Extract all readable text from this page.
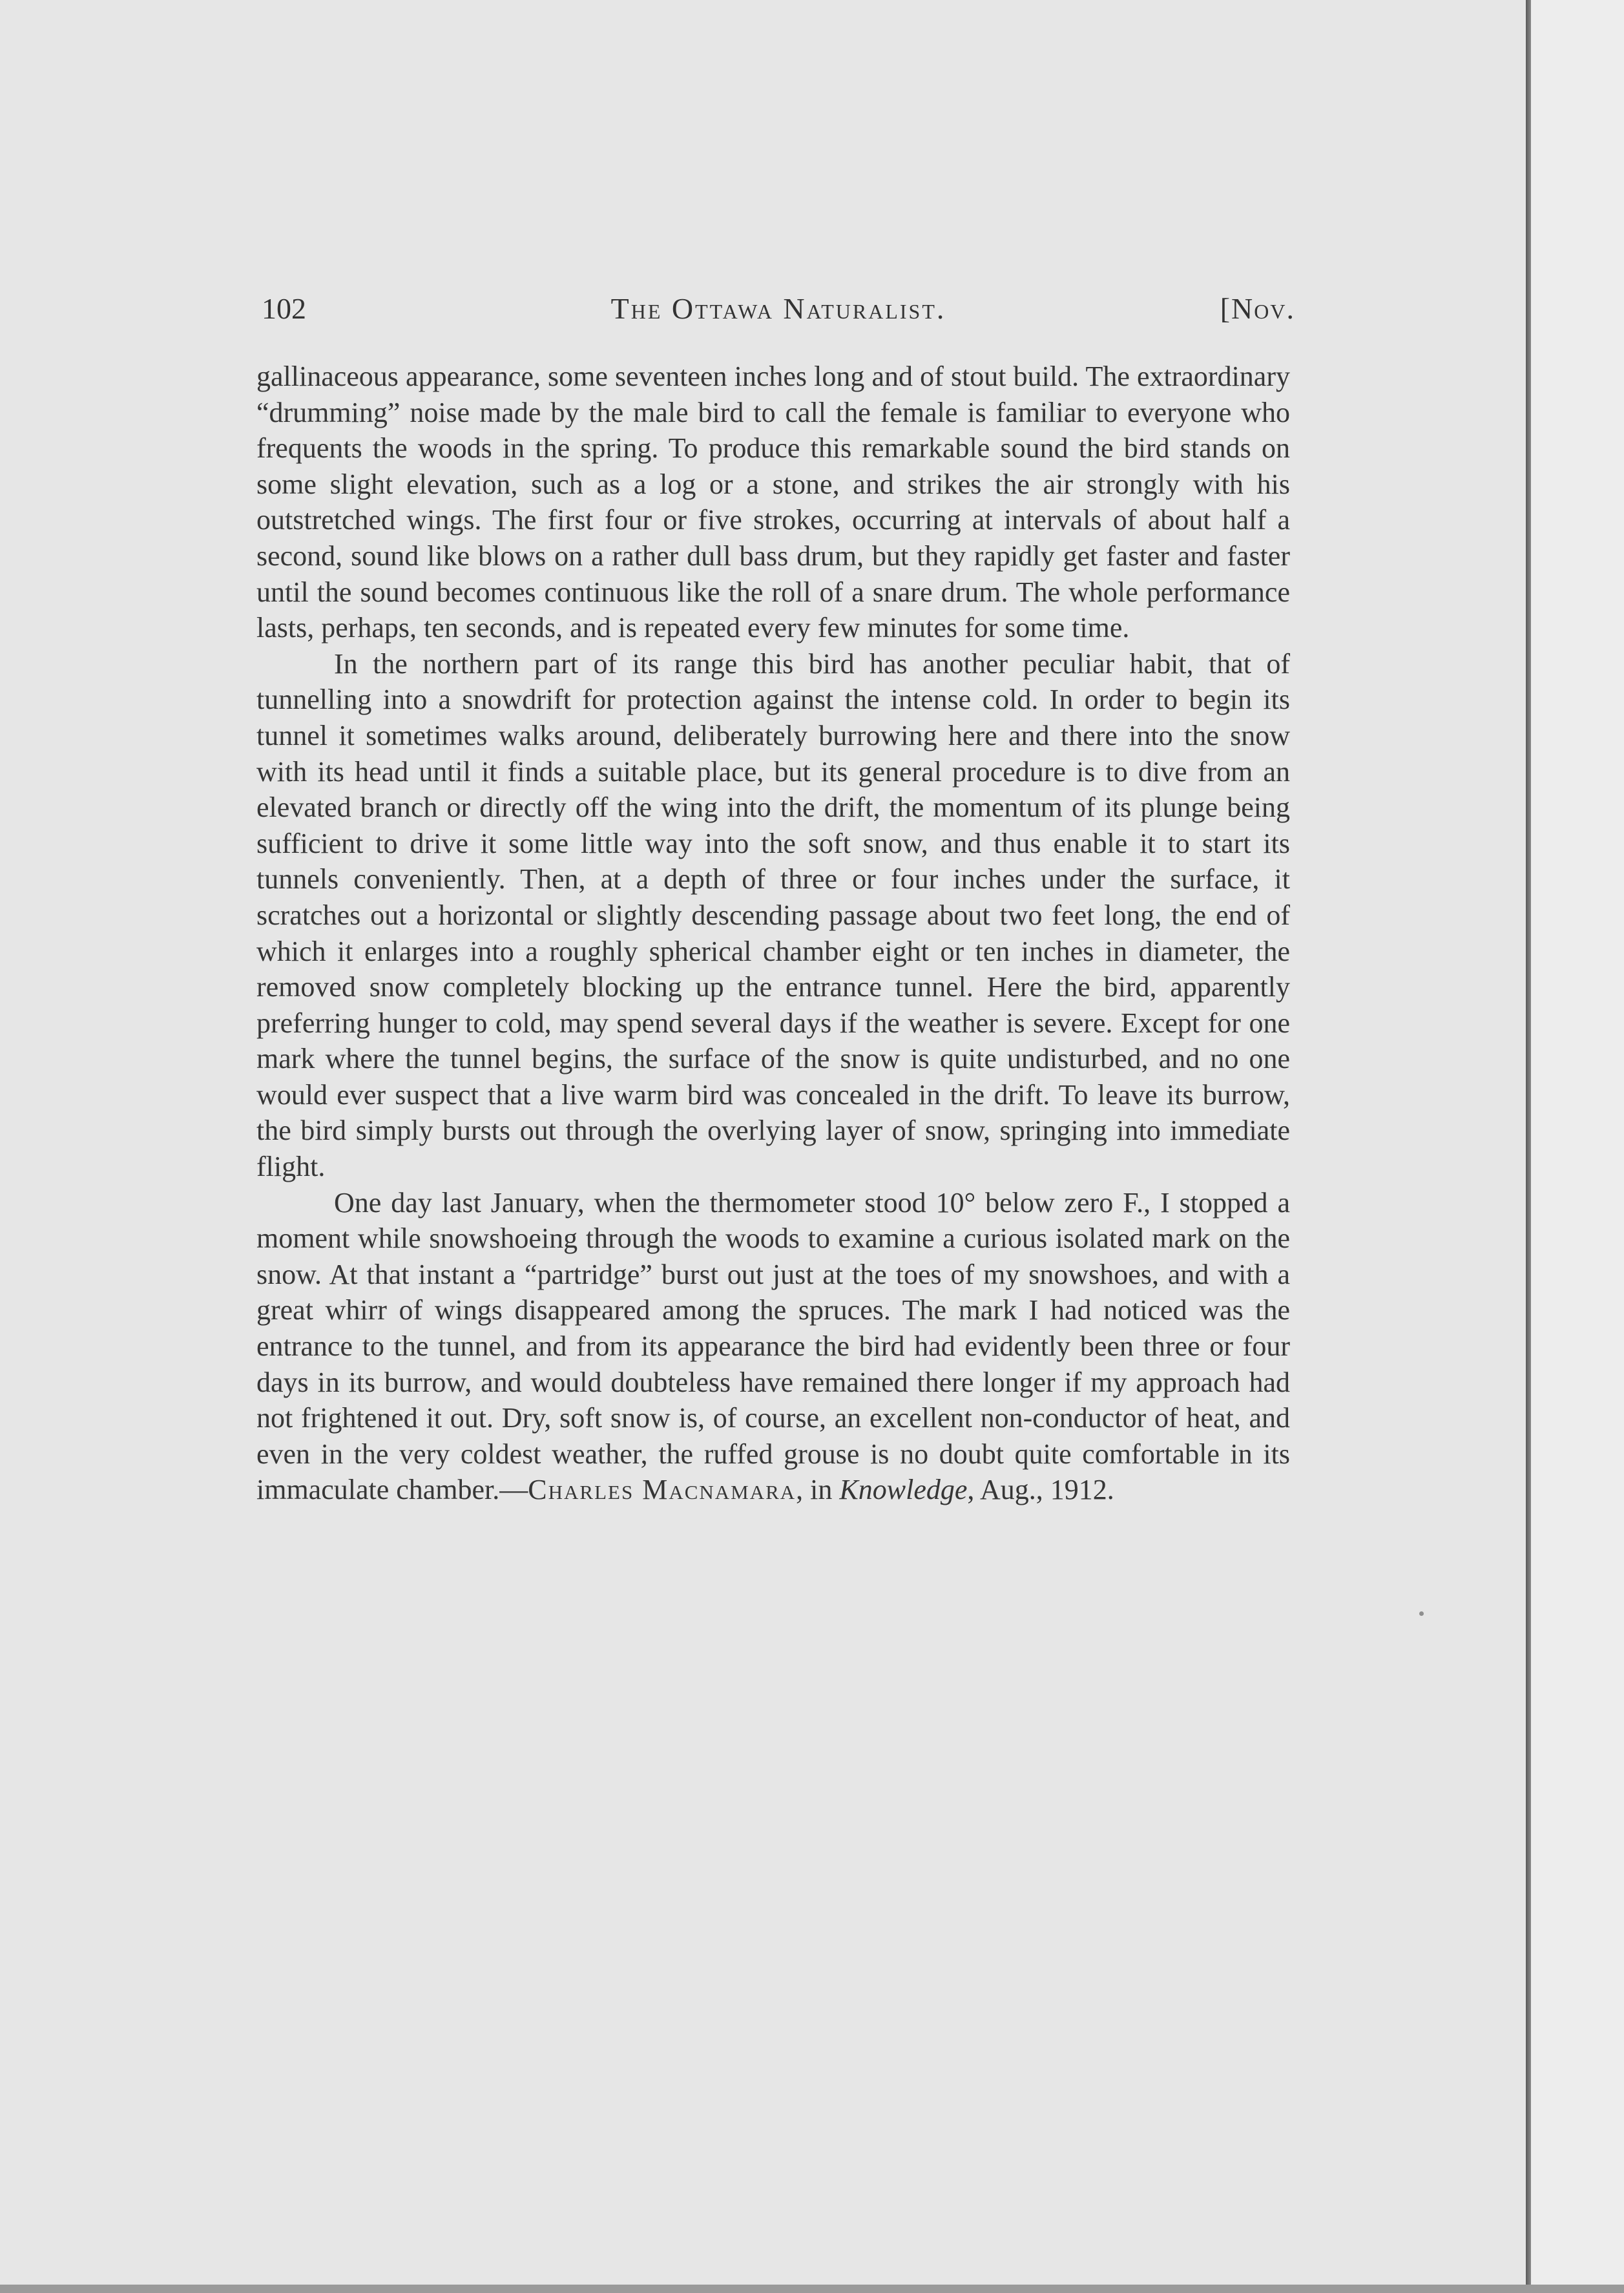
102	The Ottawa Naturalist.	[Nov.

gallinaceous appearance, some seventeen inches long and of stout build. The extraordinary “drumming” noise made by the male bird to call the female is familiar to everyone who frequents the woods in the spring. To produce this remarkable sound the bird stands on some slight elevation, such as a log or a stone, and strikes the air strongly with his outstretched wings. The first four or five strokes, occurring at intervals of about half a second, sound like blows on a rather dull bass drum, but they rapidly get faster and faster until the sound becomes continuous like the roll of a snare drum. The whole performance lasts, perhaps, ten seconds, and is repeated every few minutes for some time.

In the northern part of its range this bird has another peculiar habit, that of tunnelling into a snowdrift for protection against the intense cold. In order to begin its tunnel it sometimes walks around, deliberately burrowing here and there into the snow with its head until it finds a suitable place, but its general procedure is to dive from an elevated branch or directly off the wing into the drift, the momentum of its plunge being sufficient to drive it some little way into the soft snow, and thus enable it to start its tunnels conveniently. Then, at a depth of three or four inches under the surface, it scratches out a horizontal or slightly descending passage about two feet long, the end of which it enlarges into a roughly spherical chamber eight or ten inches in diameter, the removed snow completely blocking up the entrance tunnel. Here the bird, apparently preferring hunger to cold, may spend several days if the weather is severe. Except for one mark where the tunnel begins, the surface of the snow is quite undisturbed, and no one would ever suspect that a live warm bird was concealed in the drift. To leave its burrow, the bird simply bursts out through the overlying layer of snow, springing into immediate flight.

One day last January, when the thermometer stood 10° below zero F., I stopped a moment while snowshoeing through the woods to examine a curious isolated mark on the snow. At that instant a “partridge” burst out just at the toes of my snowshoes, and with a great whirr of wings disappeared among the spruces. The mark I had noticed was the entrance to the tunnel, and from its appearance the bird had evidently been three or four days in its burrow, and would doubteless have remained there longer if my approach had not frightened it out. Dry, soft snow is, of course, an excellent non-conductor of heat, and even in the very coldest weather, the ruffed grouse is no doubt quite comfortable in its immaculate chamber.—Charles Macnamara, in Knowledge, Aug., 1912.
